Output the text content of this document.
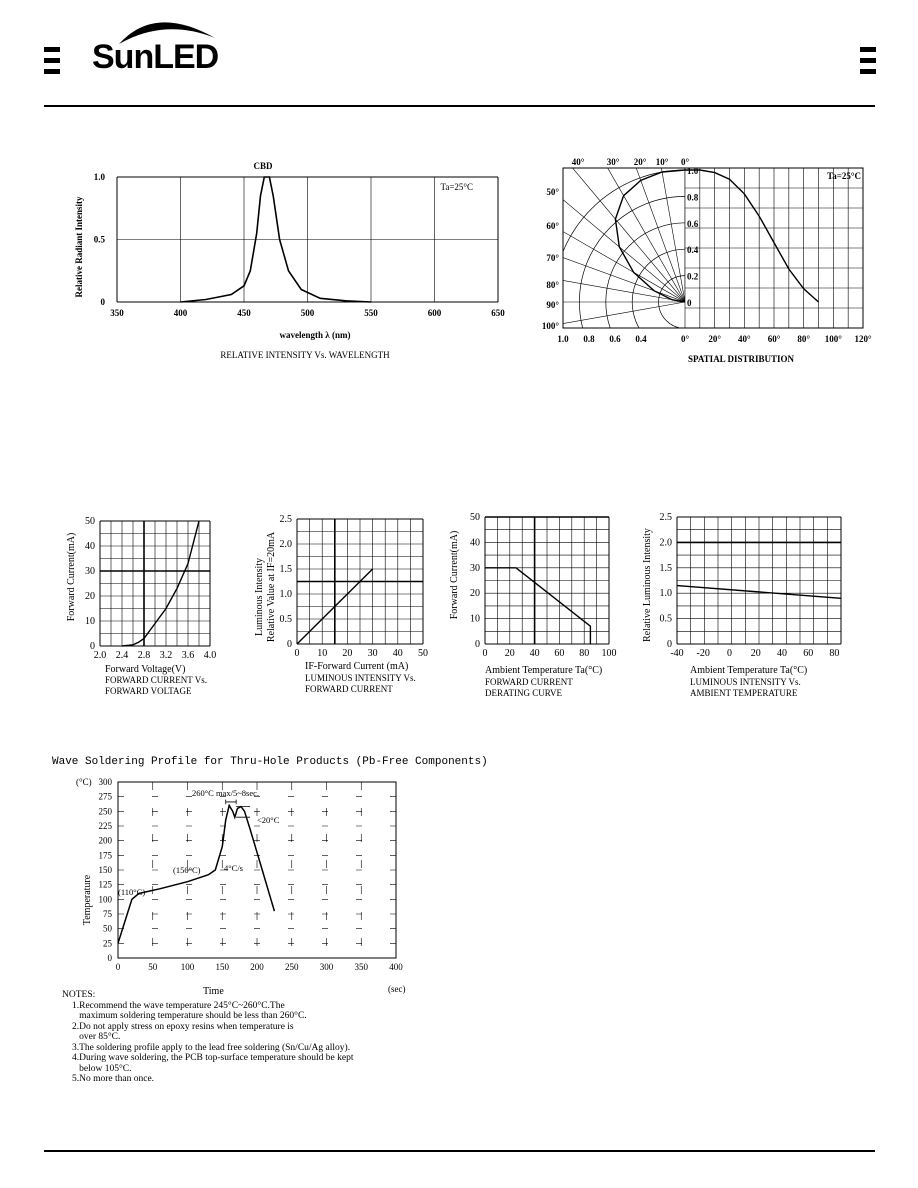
SunLED
CBD
Ta=25°C
Relative Radiant Intensity
wavelength λ (nm)
RELATIVE INTENSITY Vs. WAVELENGTH
350	400	450	500	550	600	650
0
0.5
1.0	Ta=25°C
SPATIAL DISTRIBUTION
40° 30° 20° 10° 0°
50°
60°
70°
80°
90°
100°
1.0 0.8 0.6 0.4
1.0
0.8
0.6
0.4
0.2
0
0° 20° 40° 60° 80° 100° 120°
Forward Current(mA)
Forward Voltage(V)
FORWARD CURRENT Vs.
FORWARD VOLTAGE
2.0 2.4 2.8 3.2 3.6 4.0
0
10
20
30
40
50
Luminous Intensity Relative Value at IF=20mA
IF-Forward Current (mA)
LUMINOUS INTENSITY Vs.
FORWARD CURRENT
0 10 20 30 40 50
0
0.5
1.0
1.5
2.0
2.5
Forward Current(mA)
Ambient Temperature Ta(°C)
FORWARD CURRENT
DERATING CURVE
0 20 40 60 80 100
0
10
20
30
40
50
Relative Luminous Intensity
Ambient Temperature Ta(°C)
LUMINOUS INTENSITY Vs.
AMBIENT TEMPERATURE
-40 -20 0 20 40 60 80
0
0.5
1.0
1.5
2.0
2.5
Wave Soldering Profile for Thru-Hole Products (Pb-Free Components)
(°C)
Temperature
Time	(sec)
260°C max/5~8sec.
<20°C
(150°C)	4°C/s
(110°C)
0
25
50
75
100
125
150
175
200
225
250
275
300
0	50	100 150 200 250 300 350 400
NOTES:
1.Recommend the wave temperature 245°C~260°C.The
maximum soldering temperature should be less than 260°C.
2.Do not apply stress on epoxy resins when temperature is
over 85°C.
3.The soldering profile apply to the lead free soldering (Sn/Cu/Ag alloy).
4.During wave soldering, the PCB top-surface temperature should be kept
below 105°C.
5.No more than once.
